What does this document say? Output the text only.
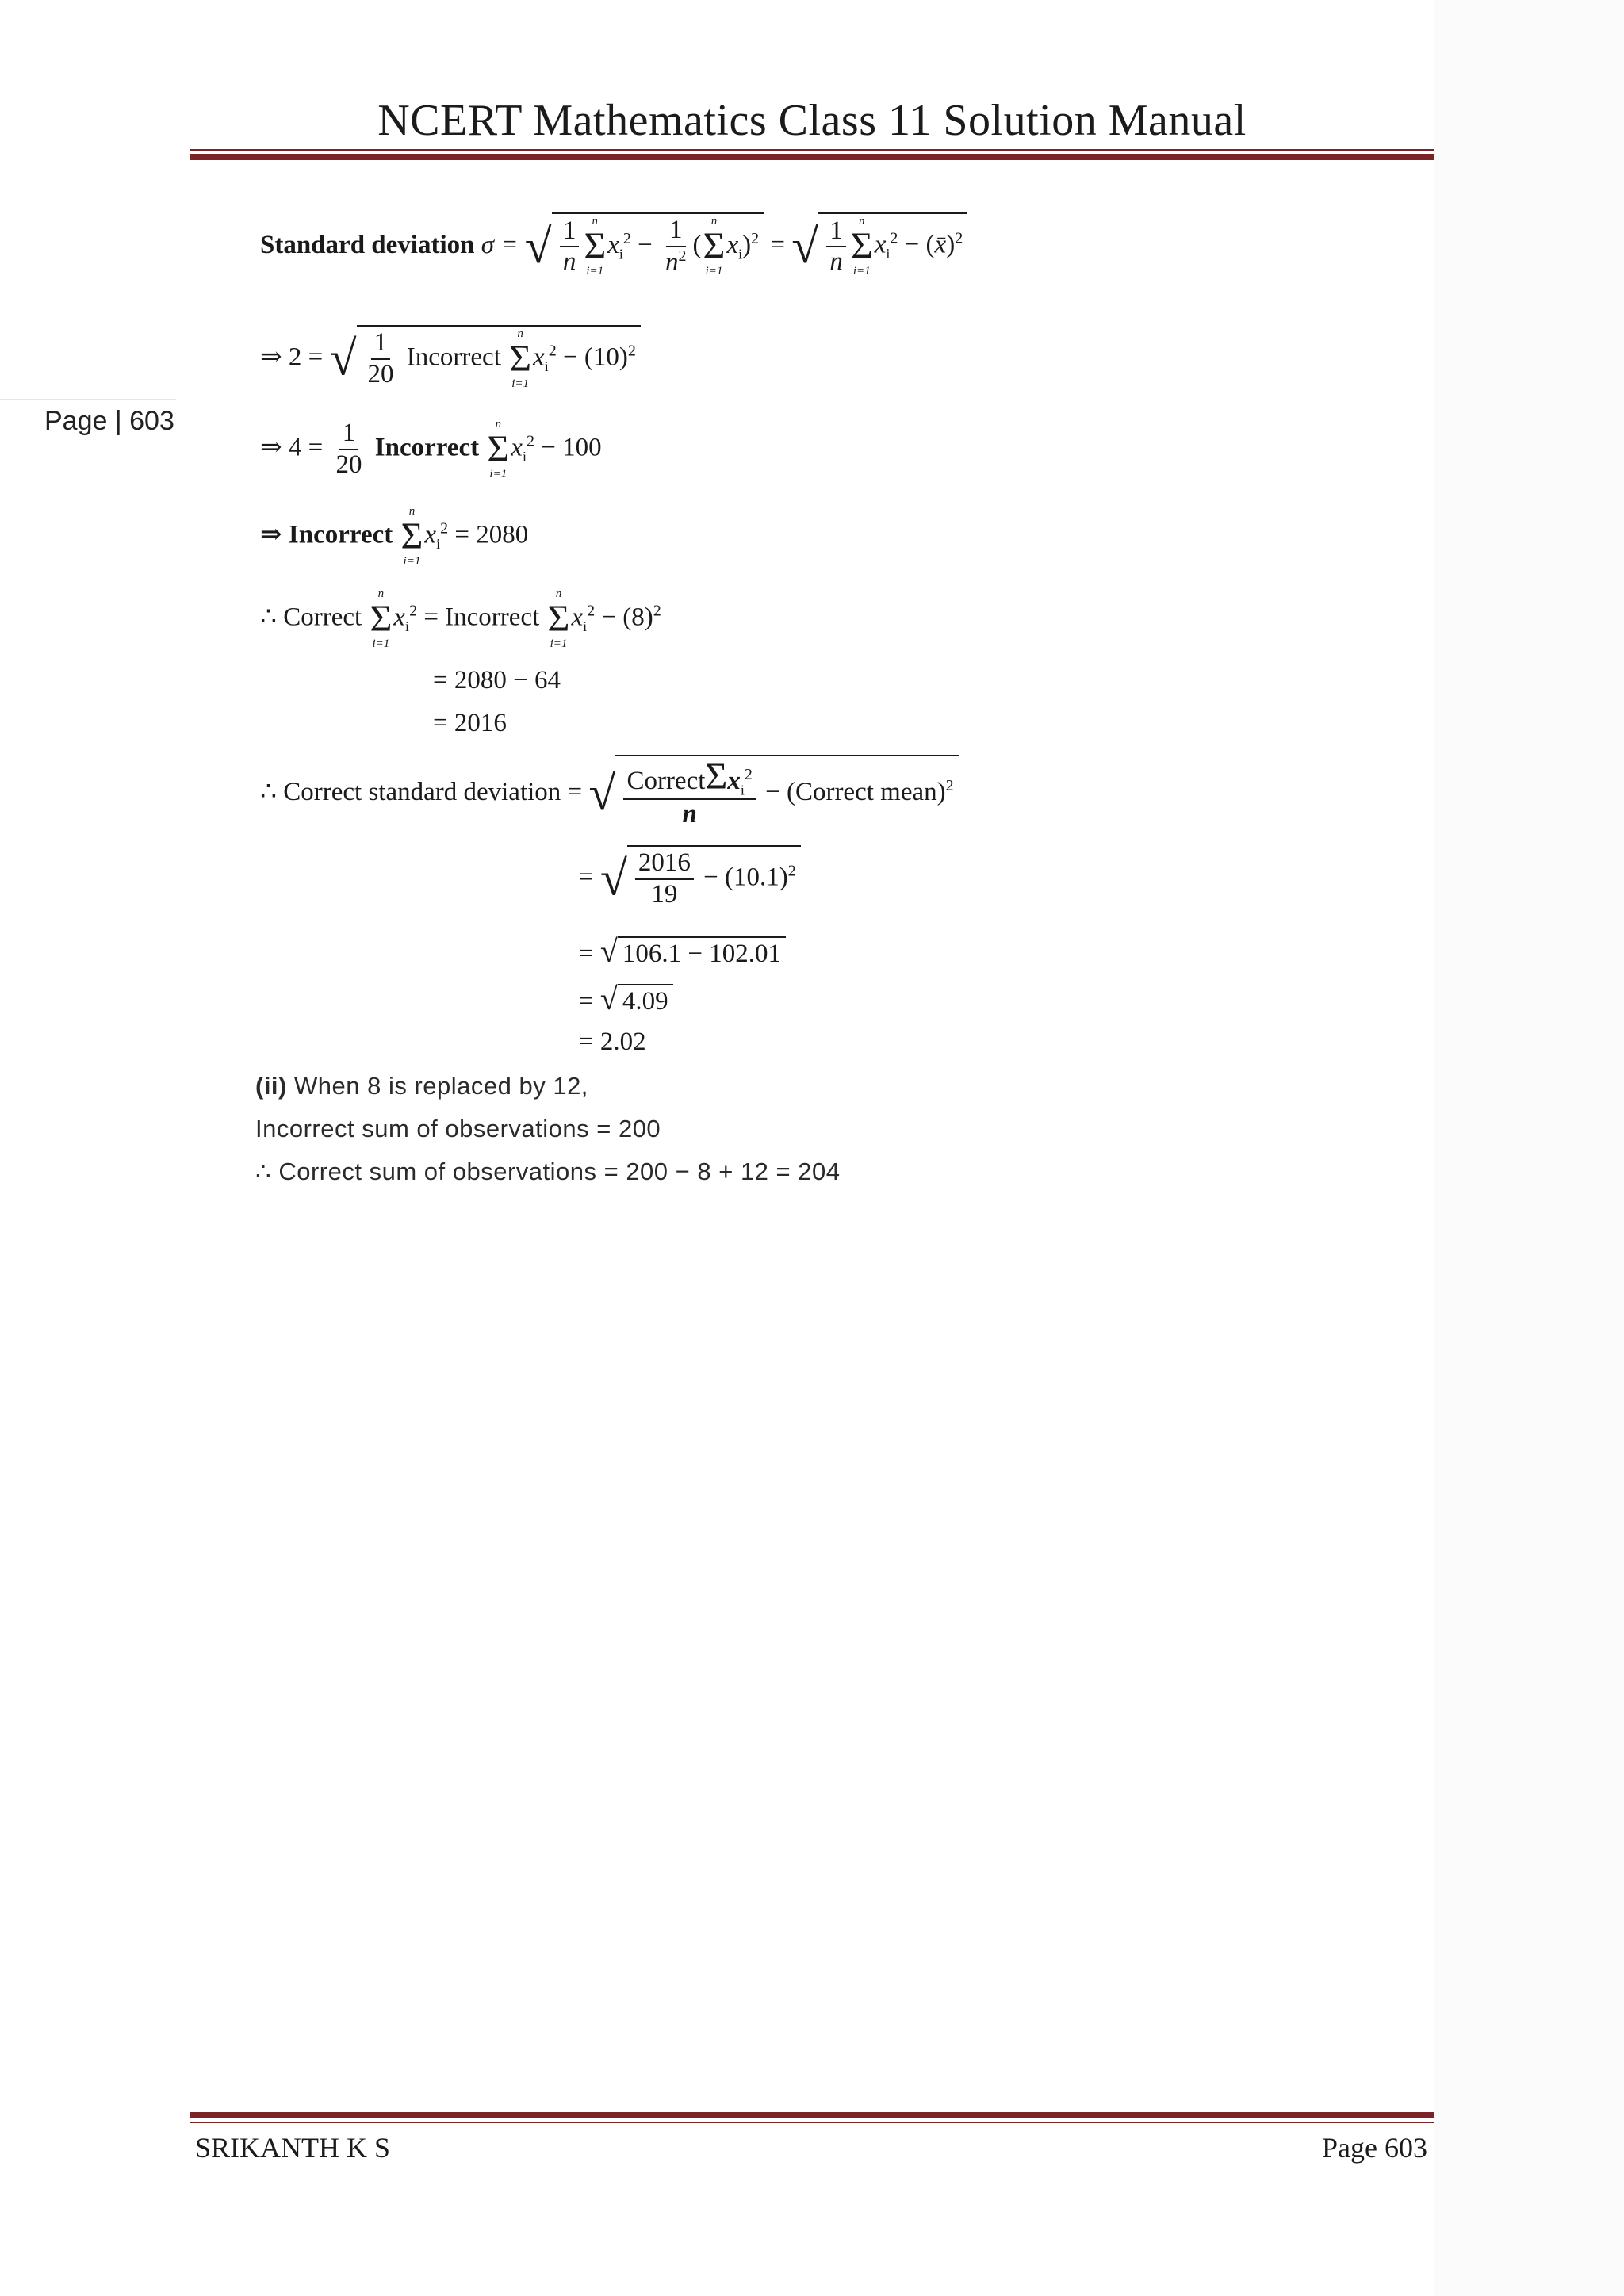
NCERT Mathematics Class 11 Solution Manual
Page | 603
Standard deviation σ = √ $\frac{1}{n}$ n
Σ
i=1
$x_i^2 - \frac{1}{n^2}$ (
n
Σ
i=1
$x_i)^2$ = √ $\frac{1}{n}$ n
Σ
i=1
$x_i^2$ − (x̄)$^2$
⇒ 2 = √ $\frac{1}{20}$ Incorrect
n
Σ
i=1
$x_i^2 - (10)^2$
⇒ $4 = \frac{1}{20}$ Incorrect
n
Σ
i=1
$x_i^2 - 100$
⇒ Incorrect
n
Σ
i=1
$x_i^2 = 2080$
∴ Correct
n
Σ
i=1
$x_i^2$ = Incorrect
n
Σ
i=1
$x_i^2 - (8)^2$
= 2080 − 64
= 2016
∴ Correct standard deviation = √ $\frac{Correct\Sigma x_i^2}{n}$ − (Correct mean)$^2$
= √ $\frac{2016}{19} - (10.1)^2$
= √ 106.1 − 102.01
= √ 4.09
= 2.02
(ii) When 8 is replaced by 12,
Incorrect sum of observations = 200
∴ Correct sum of observations = 200 − 8 + 12 = 204
SRIKANTH K S	Page 603
